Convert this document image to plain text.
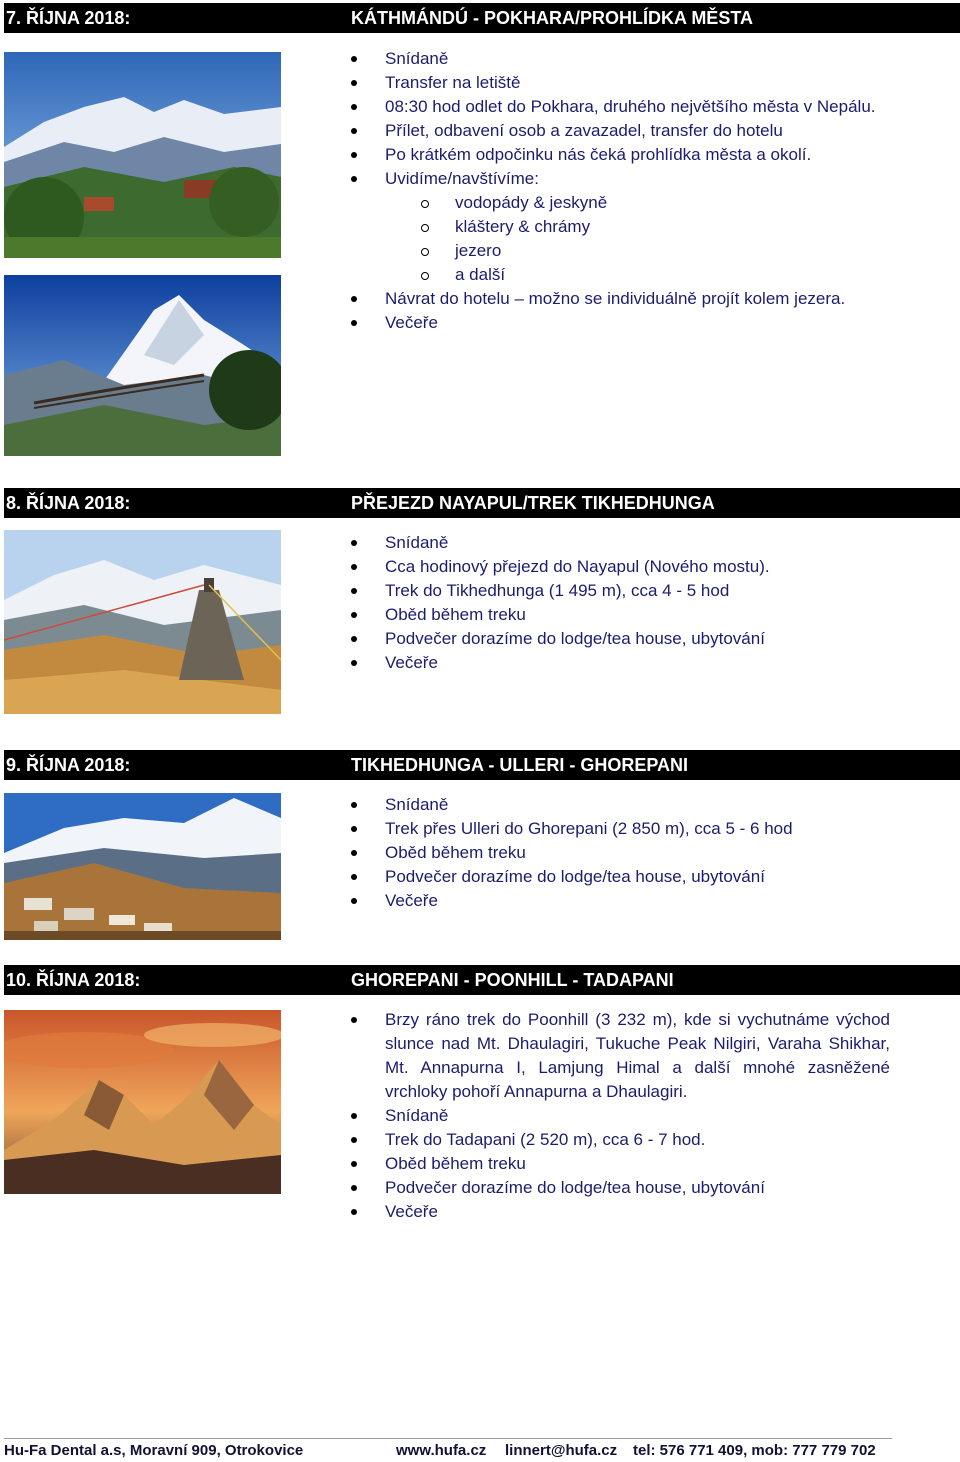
7. ŘÍJNA 2018:	KÁTHMÁNDÚ - POKHARA/PROHLÍDKA MĚSTA
Snídaně
Transfer na letiště
08:30 hod odlet do Pokhara, druhého největšího města v Nepálu.
Přílet, odbavení osob a zavazadel, transfer do hotelu
Po krátkém odpočinku nás čeká prohlídka města a okolí.
Uvidíme/navštívíme:
vodopády & jeskyně
kláštery & chrámy
jezero
a další
Návrat do hotelu – možno se individuálně projít kolem jezera.
Večeře
8. ŘÍJNA 2018:	PŘEJEZD NAYAPUL/TREK TIKHEDHUNGA
Snídaně
Cca hodinový přejezd do Nayapul (Nového mostu).
Trek do Tikhedhunga (1 495 m), cca 4 - 5 hod
Oběd během treku
Podvečer dorazíme do lodge/tea house, ubytování
Večeře
9. ŘÍJNA 2018:	TIKHEDHUNGA - ULLERI - GHOREPANI
Snídaně
Trek přes Ulleri do Ghorepani (2 850 m), cca 5 - 6 hod
Oběd během treku
Podvečer dorazíme do lodge/tea house, ubytování
Večeře
10. ŘÍJNA 2018:	GHOREPANI - POONHILL - TADAPANI
Brzy ráno trek do Poonhill (3 232 m), kde si vychutnáme východ slunce nad Mt. Dhaulagiri, Tukuche Peak Nilgiri, Varaha Shikhar, Mt. Annapurna I, Lamjung Himal a další mnohé zasněžené vrchloky pohoří Annapurna a Dhaulagiri.
Snídaně
Trek do Tadapani (2 520 m), cca 6 - 7 hod.
Oběd během treku
Podvečer dorazíme do lodge/tea house, ubytování
Večeře
Hu-Fa Dental a.s, Moravní 909, Otrokovice	www.hufa.cz linnert@hufa.cz tel: 576 771 409, mob: 777 779 702
